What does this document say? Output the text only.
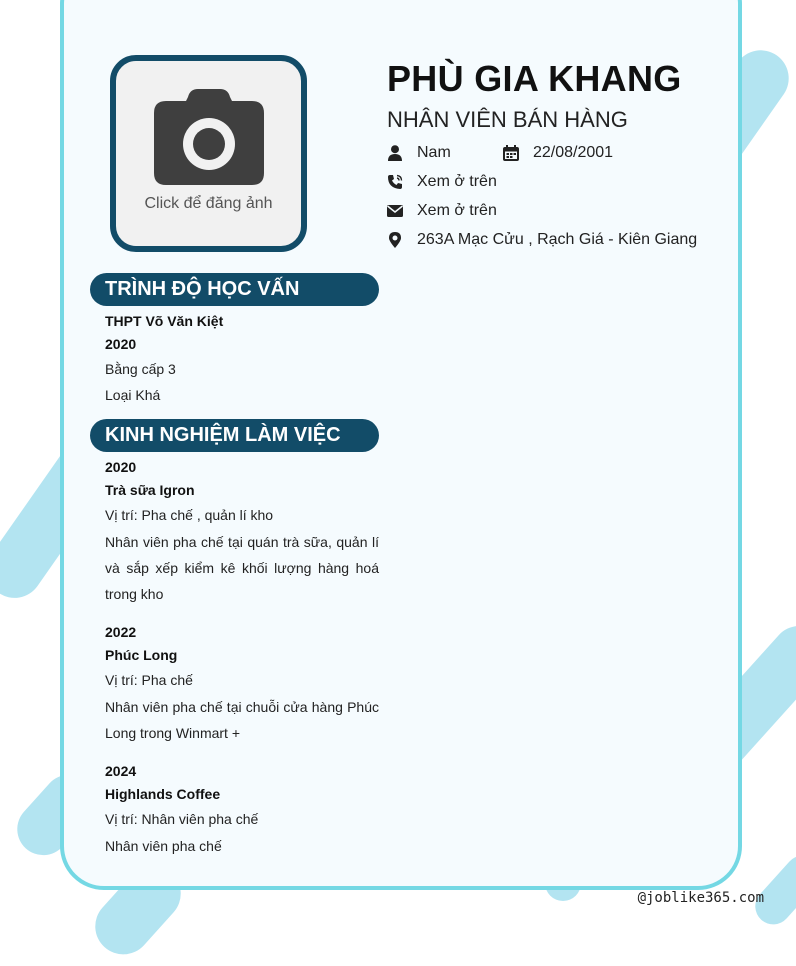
Click để đăng ảnh
PHÙ GIA KHANG
NHÂN VIÊN BÁN HÀNG
Nam	22/08/2001
Xem ở trên
Xem ở trên
263A Mạc Cửu , Rạch Giá - Kiên Giang
TRÌNH ĐỘ HỌC VẤN
THPT Võ Văn Kiệt
2020
Bằng cấp 3
Loại Khá
KINH NGHIỆM LÀM VIỆC
2020
Trà sữa Igron
Vị trí: Pha chế , quản lí kho
Nhân viên pha chế tại quán trà sữa, quản lí và sắp xếp kiểm kê khối lượng hàng hoá trong kho
2022
Phúc Long
Vị trí: Pha chế
Nhân viên pha chế tại chuỗi cửa hàng Phúc Long trong Winmart +
2024
Highlands Coffee
Vị trí: Nhân viên pha chế
Nhân viên pha chế
@joblike365.com
